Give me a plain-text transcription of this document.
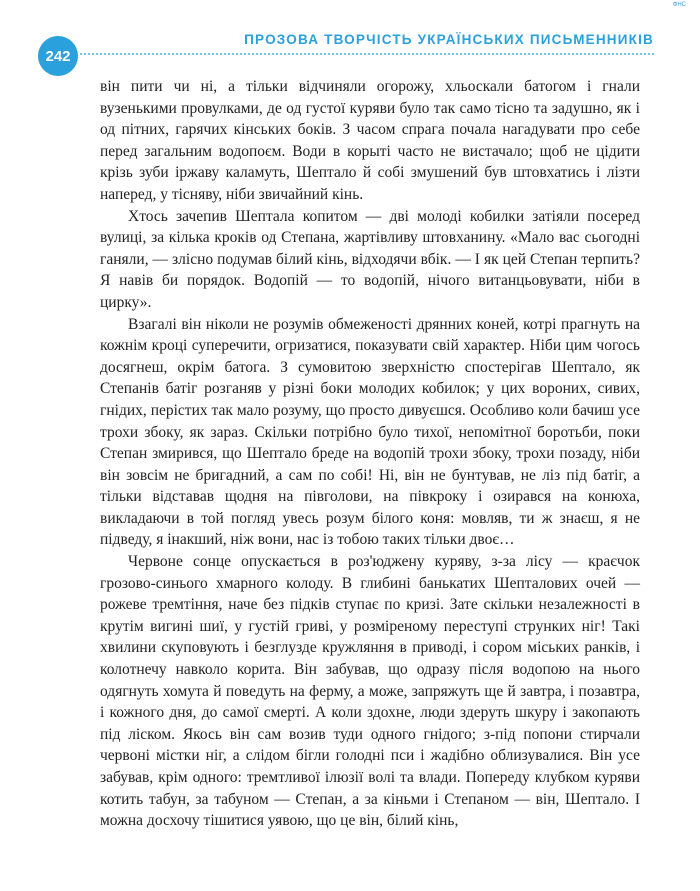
ФНС
242
ПРОЗОВА ТВОРЧІСТЬ УКРАЇНСЬКИХ ПИСЬМЕННИКІВ

він пити чи ні, а тільки відчиняли огорожу, хльоскали батогом і гнали вузенькими провулками, де од густої куряви було так само тісно та задушно, як і од пітних, гарячих кінських боків. З часом спрага почала нагадувати про себе перед загальним водопоєм. Води в корыті часто не вистачало; щоб не цідити крізь зуби іржаву каламуть, Шептало й собі змушений був штовхатись і лізти наперед, у тісняву, ніби звичайний кінь.

Хтось зачепив Шептала копитом — дві молоді кобилки затіяли посеред вулиці, за кілька кроків од Степана, жартівливу штовханину. «Мало вас сьогодні ганяли, — злісно подумав білий кінь, відходячи вбік. — І як цей Степан терпить? Я навів би порядок. Водопій — то водопій, нічого витанцьовувати, ніби в цирку».

Взагалі він ніколи не розумів обмеженості дрянних коней, котрі прагнуть на кожнім кроці суперечити, огризатися, показувати свій характер. Ніби цим чогось досягнеш, окрім батога. З сумовитою зверхністю спостерігав Шептало, як Степанів батіг розганяв у різні боки молодих кобилок; у цих вороних, сивих, гнідих, перістих так мало розуму, що просто дивуєшся. Особливо коли бачиш усе трохи збоку, як зараз. Скільки потрібно було тихої, непомітної боротьби, поки Степан змирився, що Шептало бреде на водопій трохи збоку, трохи позаду, ніби він зовсім не бригадний, а сам по собі! Ні, він не бунтував, не ліз під батіг, а тільки відставав щодня на півголови, на півкроку і озирався на конюха, викладаючи в той погляд увесь розум білого коня: мовляв, ти ж знаєш, я не підведу, я інакший, ніж вони, нас із тобою таких тільки двоє…

Червоне сонце опускається в роз'юджену куряву, з-за лісу — краєчок грозово-синього хмарного колоду. В глибині банькатих Шепталових очей — рожеве тремтіння, наче без підків ступає по кризі. Зате скільки незалежності в крутім вигині шиї, у густій гриві, у розміреному переступі струнких ніг! Такі хвилини скуповують і безглузде кружляння в приводі, і сором міських ранків, і колотнечу навколо корита. Він забував, що одразу після водопою на нього одягнуть хомута й поведуть на ферму, а може, запряжуть ще й завтра, і позавтра, і кожного дня, до самої смерті. А коли здохне, люди здеруть шкуру і закопають під ліском. Якось він сам возив туди одного гнідого; з-під попони стирчали червоні містки ніг, а слідом бігли голодні пси і жадібно облизувалися. Він усе забував, крім одного: тремтливої ілюзії волі та влади. Попереду клубком куряви котить табун, за табуном — Степан, а за кіньми і Степаном — він, Шептало. І можна досхочу тішитися уявою, що це він, білий кінь,
